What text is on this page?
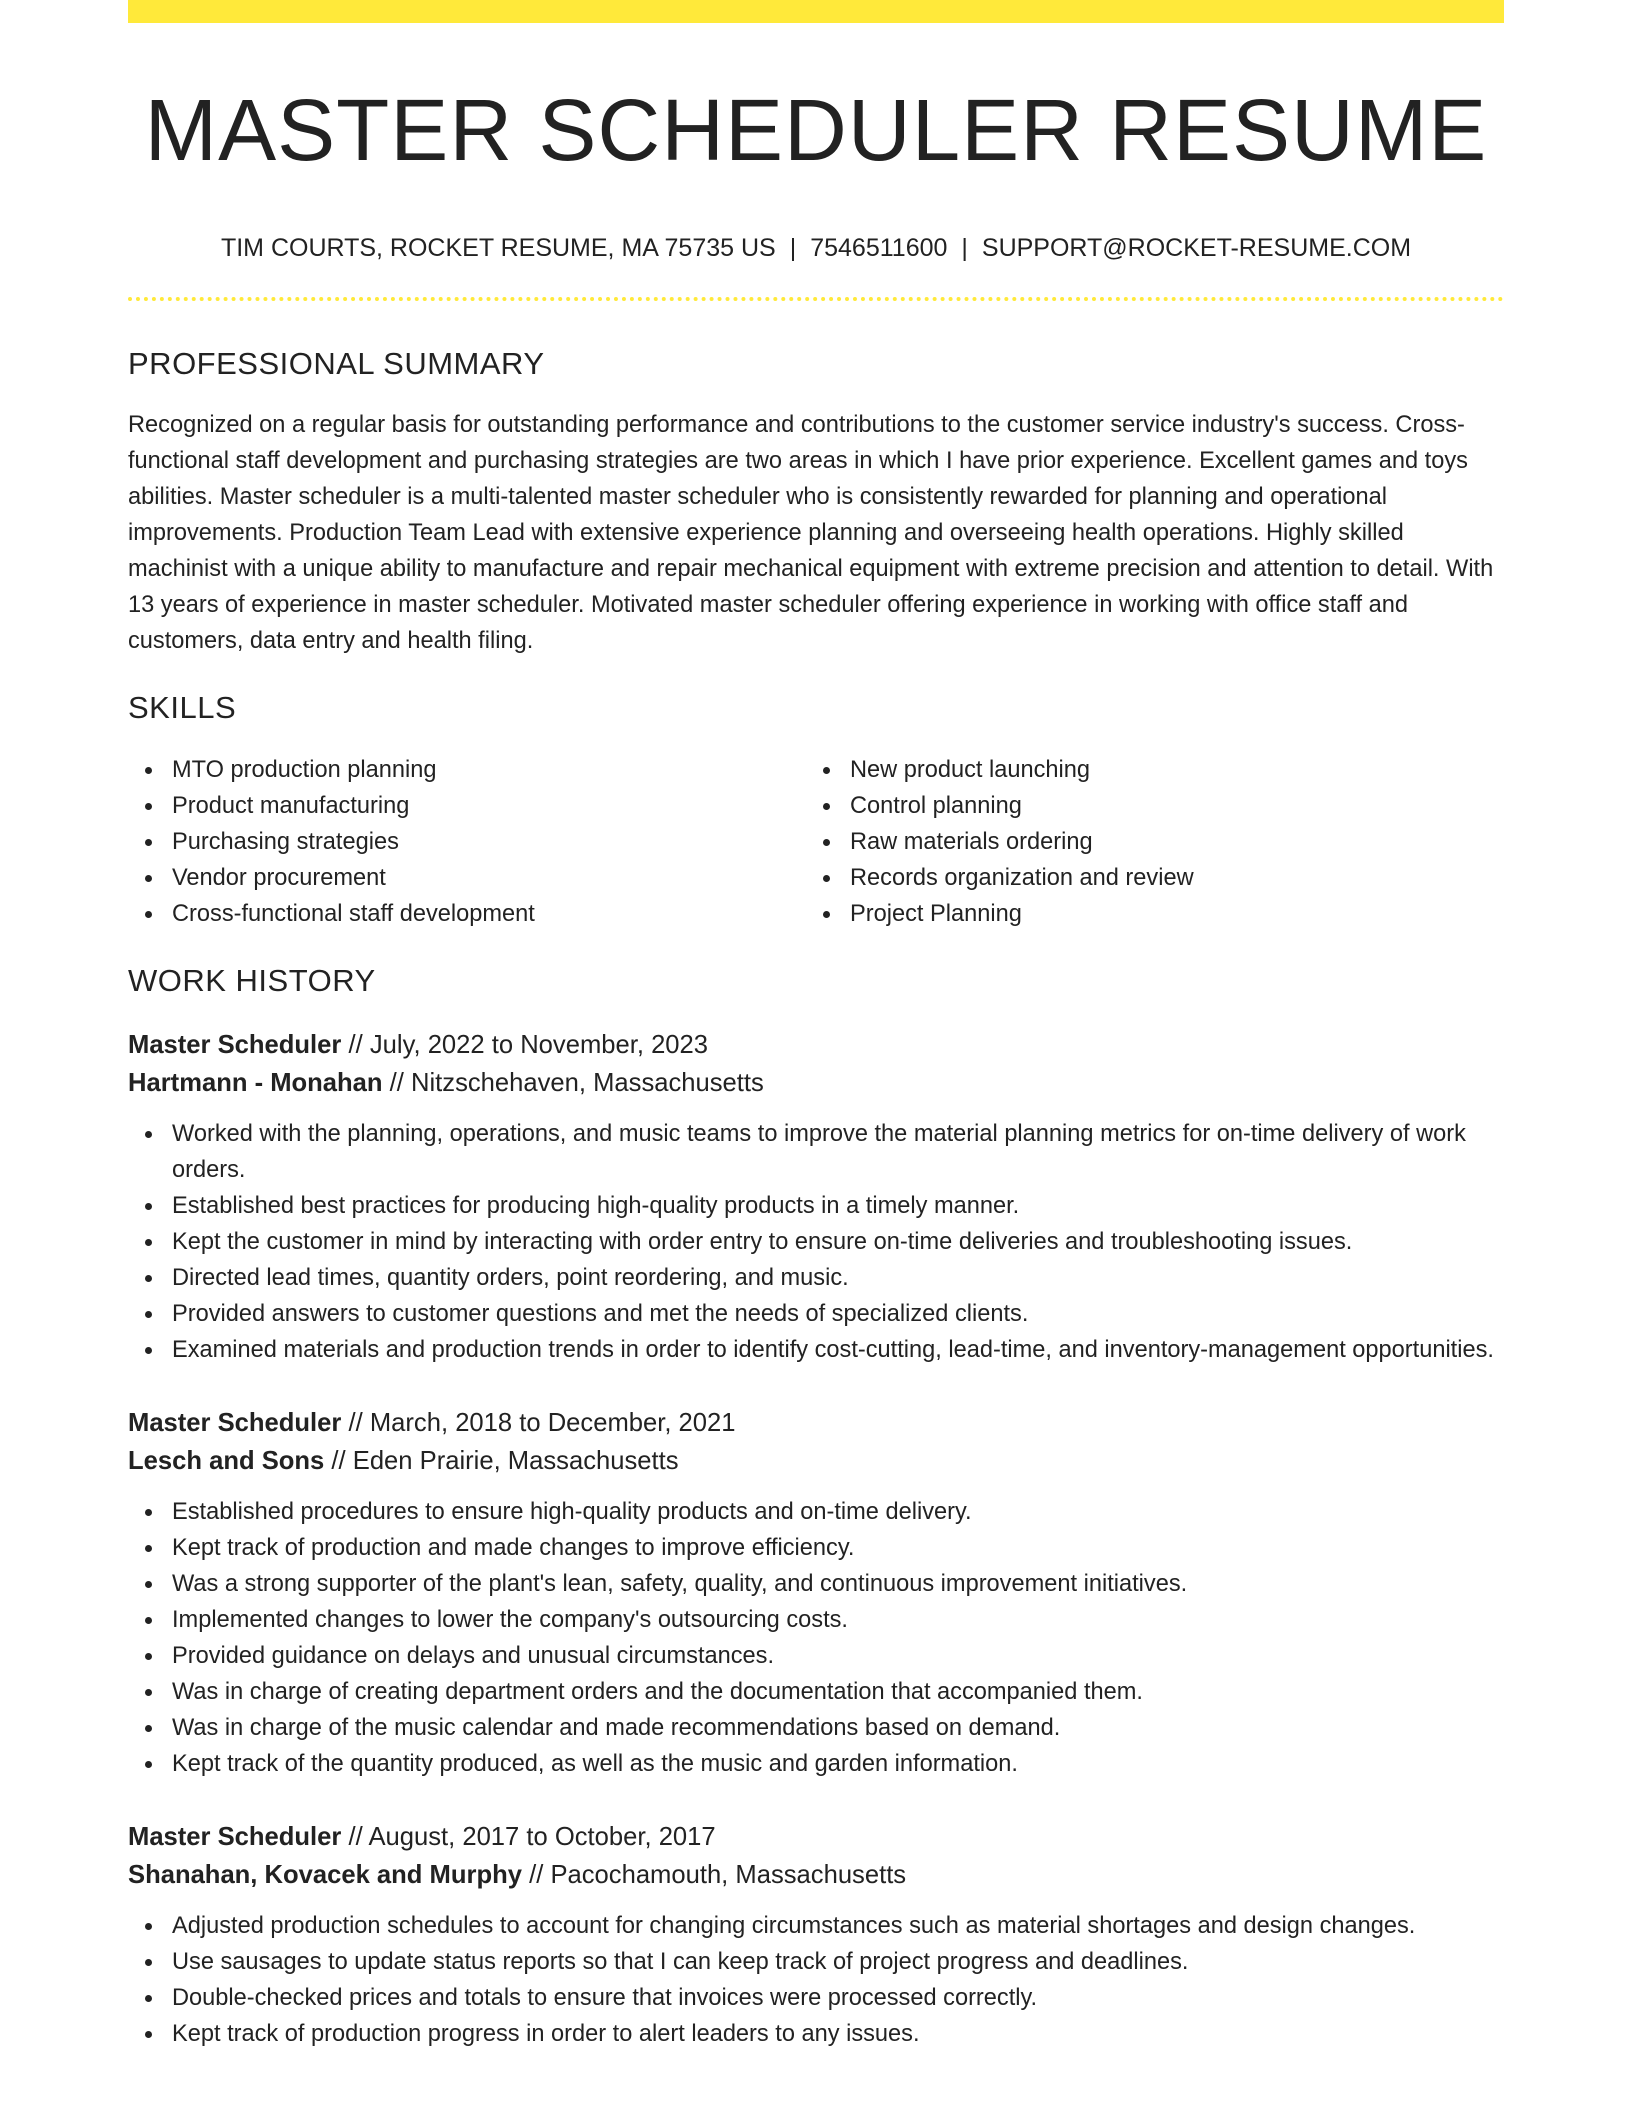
MASTER SCHEDULER RESUME
TIM COURTS, ROCKET RESUME, MA 75735 US | 7546511600 | SUPPORT@ROCKET-RESUME.COM
PROFESSIONAL SUMMARY

Recognized on a regular basis for outstanding performance and contributions to the customer service industry's success. Cross-functional staff development and purchasing strategies are two areas in which I have prior experience. Excellent games and toys abilities. Master scheduler is a multi-talented master scheduler who is consistently rewarded for planning and operational improvements. Production Team Lead with extensive experience planning and overseeing health operations. Highly skilled machinist with a unique ability to manufacture and repair mechanical equipment with extreme precision and attention to detail. With 13 years of experience in master scheduler. Motivated master scheduler offering experience in working with office staff and customers, data entry and health filing.

SKILLS
MTO production planning
Product manufacturing
Purchasing strategies
Vendor procurement
Cross-functional staff development
New product launching
Control planning
Raw materials ordering
Records organization and review
Project Planning
WORK HISTORY
Master Scheduler // July, 2022 to November, 2023
Hartmann - Monahan // Nitzschehaven, Massachusetts
Worked with the planning, operations, and music teams to improve the material planning metrics for on-time delivery of work orders.
Established best practices for producing high-quality products in a timely manner.
Kept the customer in mind by interacting with order entry to ensure on-time deliveries and troubleshooting issues.
Directed lead times, quantity orders, point reordering, and music.
Provided answers to customer questions and met the needs of specialized clients.
Examined materials and production trends in order to identify cost-cutting, lead-time, and inventory-management opportunities.
Master Scheduler // March, 2018 to December, 2021
Lesch and Sons // Eden Prairie, Massachusetts
Established procedures to ensure high-quality products and on-time delivery.
Kept track of production and made changes to improve efficiency.
Was a strong supporter of the plant's lean, safety, quality, and continuous improvement initiatives.
Implemented changes to lower the company's outsourcing costs.
Provided guidance on delays and unusual circumstances.
Was in charge of creating department orders and the documentation that accompanied them.
Was in charge of the music calendar and made recommendations based on demand.
Kept track of the quantity produced, as well as the music and garden information.
Master Scheduler // August, 2017 to October, 2017
Shanahan, Kovacek and Murphy // Pacochamouth, Massachusetts
Adjusted production schedules to account for changing circumstances such as material shortages and design changes.
Use sausages to update status reports so that I can keep track of project progress and deadlines.
Double-checked prices and totals to ensure that invoices were processed correctly.
Kept track of production progress in order to alert leaders to any issues.
